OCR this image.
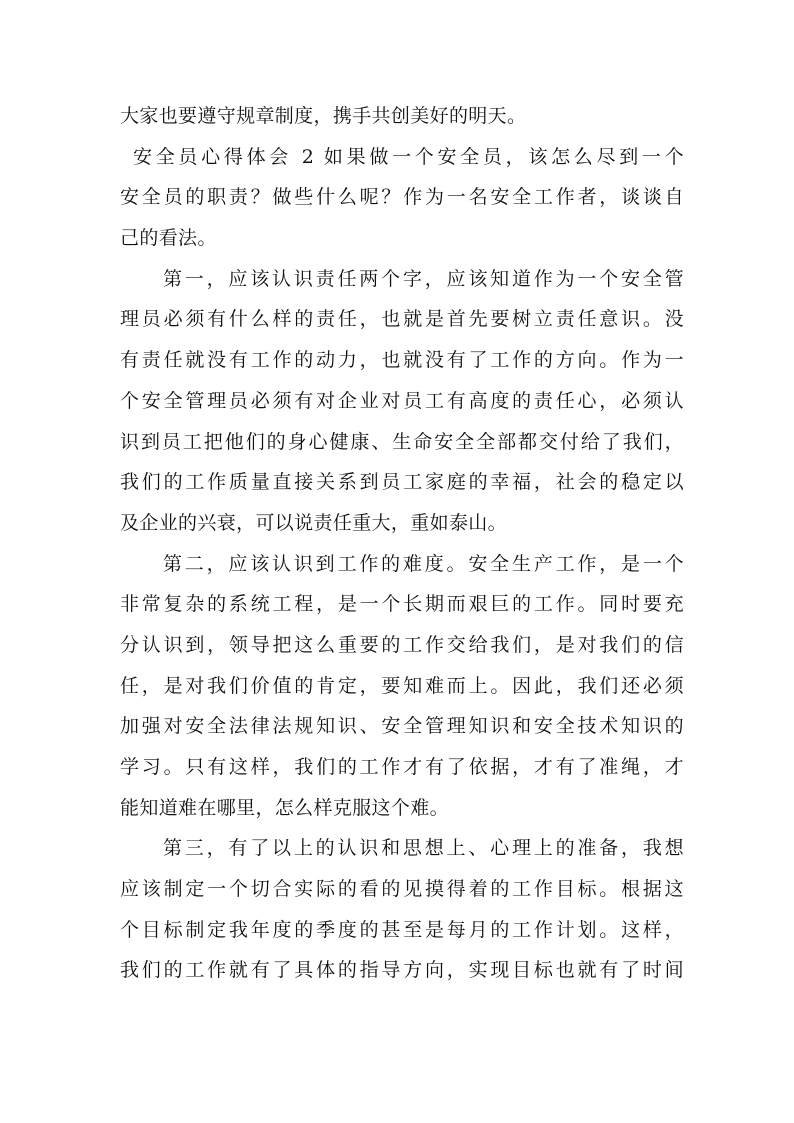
大家也要遵守规章制度，携手共创美好的明天。
安全员心得体会 2 如果做一个安全员，该怎么尽到一个
安全员的职责？做些什么呢？作为一名安全工作者，谈谈自
己的看法。
第一，应该认识责任两个字，应该知道作为一个安全管
理员必须有什么样的责任，也就是首先要树立责任意识。没
有责任就没有工作的动力，也就没有了工作的方向。作为一
个安全管理员必须有对企业对员工有高度的责任心，必须认
识到员工把他们的身心健康、生命安全全部都交付给了我们，
我们的工作质量直接关系到员工家庭的幸福，社会的稳定以
及企业的兴衰，可以说责任重大，重如泰山。
第二，应该认识到工作的难度。安全生产工作，是一个
非常复杂的系统工程，是一个长期而艰巨的工作。同时要充
分认识到，领导把这么重要的工作交给我们，是对我们的信
任，是对我们价值的肯定，要知难而上。因此，我们还必须
加强对安全法律法规知识、安全管理知识和安全技术知识的
学习。只有这样，我们的工作才有了依据，才有了准绳，才
能知道难在哪里，怎么样克服这个难。
第三，有了以上的认识和思想上、心理上的准备，我想
应该制定一个切合实际的看的见摸得着的工作目标。根据这
个目标制定我年度的季度的甚至是每月的工作计划。这样，
我们的工作就有了具体的指导方向，实现目标也就有了时间
